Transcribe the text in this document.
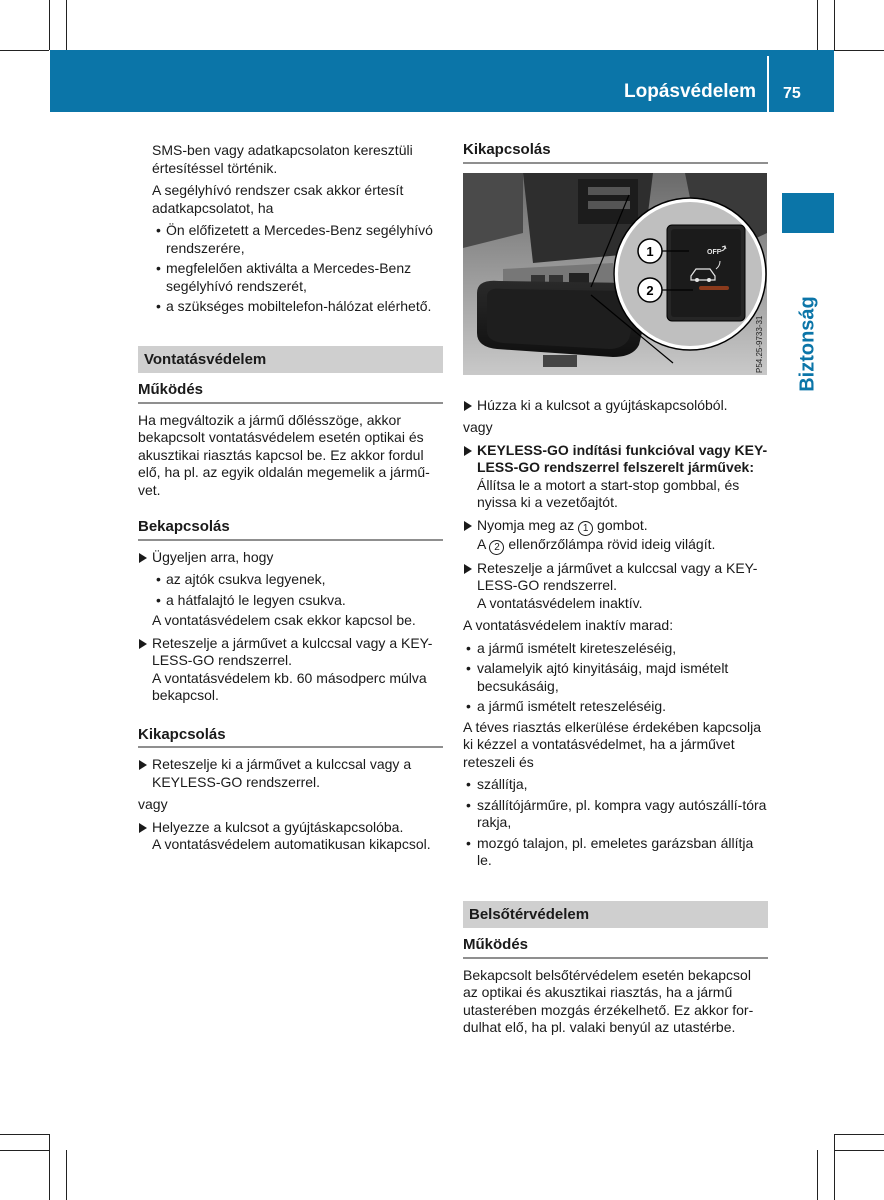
Lopásvédelem 75
Biztonság

SMS-ben vagy adatkapcsolaton keresztüli értesítéssel történik.

A segélyhívó rendszer csak akkor értesít adatkapcsolatot, ha

• Ön előfizetett a Mercedes-Benz segélyhívó rendszerére,
• megfelelően aktiválta a Mercedes-Benz segélyhívó rendszerét,
• a szükséges mobiltelefon-hálózat elérhető.
Vontatásvédelem
Működés

Ha megváltozik a jármű dőlésszöge, akkor bekapcsolt vontatásvédelem esetén optikai és akusztikai riasztás kapcsol be. Ez akkor fordul elő, ha pl. az egyik oldalán megemelik a jármű-vet.

Bekapcsolás
Ügyeljen arra, hogy
• az ajtók csukva legyenek,
• a hátfalajtó le legyen csukva.

A vontatásvédelem csak ekkor kapcsol be.

Reteszelje a járművet a kulccsal vagy a KEY-LESS-GO rendszerrel.

A vontatásvédelem kb. 60 másodperc múlva bekapcsol.

Kikapcsolás
Reteszelje ki a járművet a kulccsal vagy a KEYLESS-GO rendszerrel.

vagy

Helyezze a kulcsot a gyújtáskapcsolóba.

A vontatásvédelem automatikusan kikapcsol.

Kikapcsolás
Húzza ki a kulcsot a gyújtáskapcsolóból.

vagy

KEYLESS-GO indítási funkcióval vagy KEY-LESS-GO rendszerrel felszerelt járművek:

Állítsa le a motort a start-stop gombbal, és nyissa ki a vezetőajtót.

Nyomja meg az 1 gombot.

A 2 ellenőrzőlámpa rövid ideig világít.

Reteszelje a járművet a kulccsal vagy a KEY-LESS-GO rendszerrel.

A vontatásvédelem inaktív.

A vontatásvédelem inaktív marad:

• a jármű ismételt kireteszeléséig,
• valamelyik ajtó kinyitásáig, majd ismételt becsukásáig,
• a jármű ismételt reteszeléséig.

A téves riasztás elkerülése érdekében kapcsolja ki kézzel a vontatásvédelmet, ha a járművet reteszeli és

• szállítja,
• szállítójárműre, pl. kompra vagy autószállí-tóra rakja,
• mozgó talajon, pl. emeletes garázsban állítja le.
Belsőtérvédelem
Működés

Bekapcsolt belsőtérvédelem esetén bekapcsol az optikai és akusztikai riasztás, ha a jármű utasterében mozgás érzékelhető. Ez akkor for-dulhat elő, ha pl. valaki benyúl az utastérbe.

OFF
1
2
P54.25-9733-31
